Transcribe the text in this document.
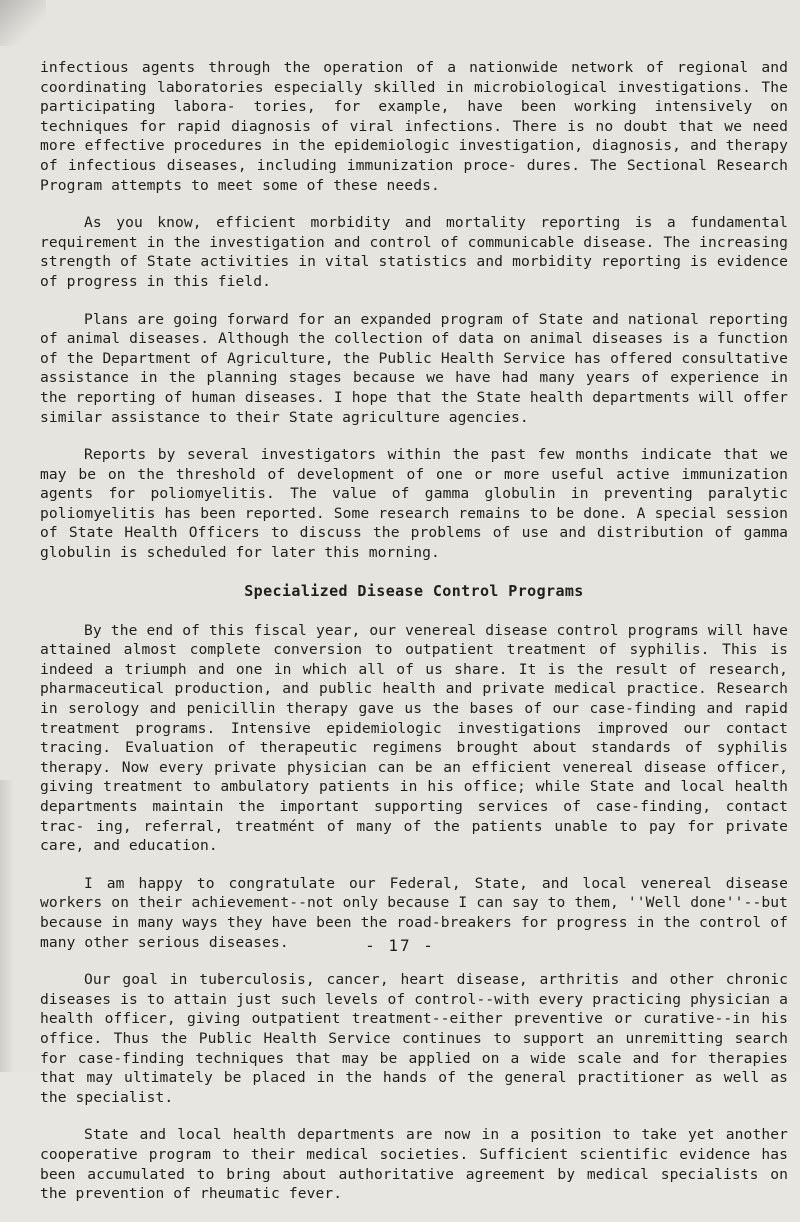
infectious agents through the operation of a nationwide network of regional and coordinating laboratories especially skilled in microbiological investigations. The participating labora- tories, for example, have been working intensively on techniques for rapid diagnosis of viral infections. There is no doubt that we need more effective procedures in the epidemiologic investigation, diagnosis, and therapy of infectious diseases, including immunization proce- dures. The Sectional Research Program attempts to meet some of these needs.

As you know, efficient morbidity and mortality reporting is a fundamental requirement in the investigation and control of communicable disease. The increasing strength of State activities in vital statistics and morbidity reporting is evidence of progress in this field.

Plans are going forward for an expanded program of State and national reporting of animal diseases. Although the collection of data on animal diseases is a function of the Department of Agriculture, the Public Health Service has offered consultative assistance in the planning stages because we have had many years of experience in the reporting of human diseases. I hope that the State health departments will offer similar assistance to their State agriculture agencies.

Reports by several investigators within the past few months indicate that we may be on the threshold of development of one or more useful active immunization agents for poliomyelitis. The value of gamma globulin in preventing paralytic poliomyelitis has been reported. Some research remains to be done. A special session of State Health Officers to discuss the problems of use and distribution of gamma globulin is scheduled for later this morning.

Specialized Disease Control Programs

By the end of this fiscal year, our venereal disease control programs will have attained almost complete conversion to outpatient treatment of syphilis. This is indeed a triumph and one in which all of us share. It is the result of research, pharmaceutical production, and public health and private medical practice. Research in serology and penicillin therapy gave us the bases of our case-finding and rapid treatment programs. Intensive epidemiologic investigations improved our contact tracing. Evaluation of therapeutic regimens brought about standards of syphilis therapy. Now every private physician can be an efficient venereal disease officer, giving treatment to ambulatory patients in his office; while State and local health departments maintain the important supporting services of case-finding, contact trac- ing, referral, treatmént of many of the patients unable to pay for private care, and education.

I am happy to congratulate our Federal, State, and local venereal disease workers on their achievement--not only because I can say to them, ''Well done''--but because in many ways they have been the road-breakers for progress in the control of many other serious diseases.

Our goal in tuberculosis, cancer, heart disease, arthritis and other chronic diseases is to attain just such levels of control--with every practicing physician a health officer, giving outpatient treatment--either preventive or curative--in his office. Thus the Public Health Service continues to support an unremitting search for case-finding techniques that may be applied on a wide scale and for therapies that may ultimately be placed in the hands of the general practitioner as well as the specialist.

State and local health departments are now in a position to take yet another cooperative program to their medical societies. Sufficient scientific evidence has been accumulated to bring about authoritative agreement by medical specialists on the prevention of rheumatic fever.

- 17 -
